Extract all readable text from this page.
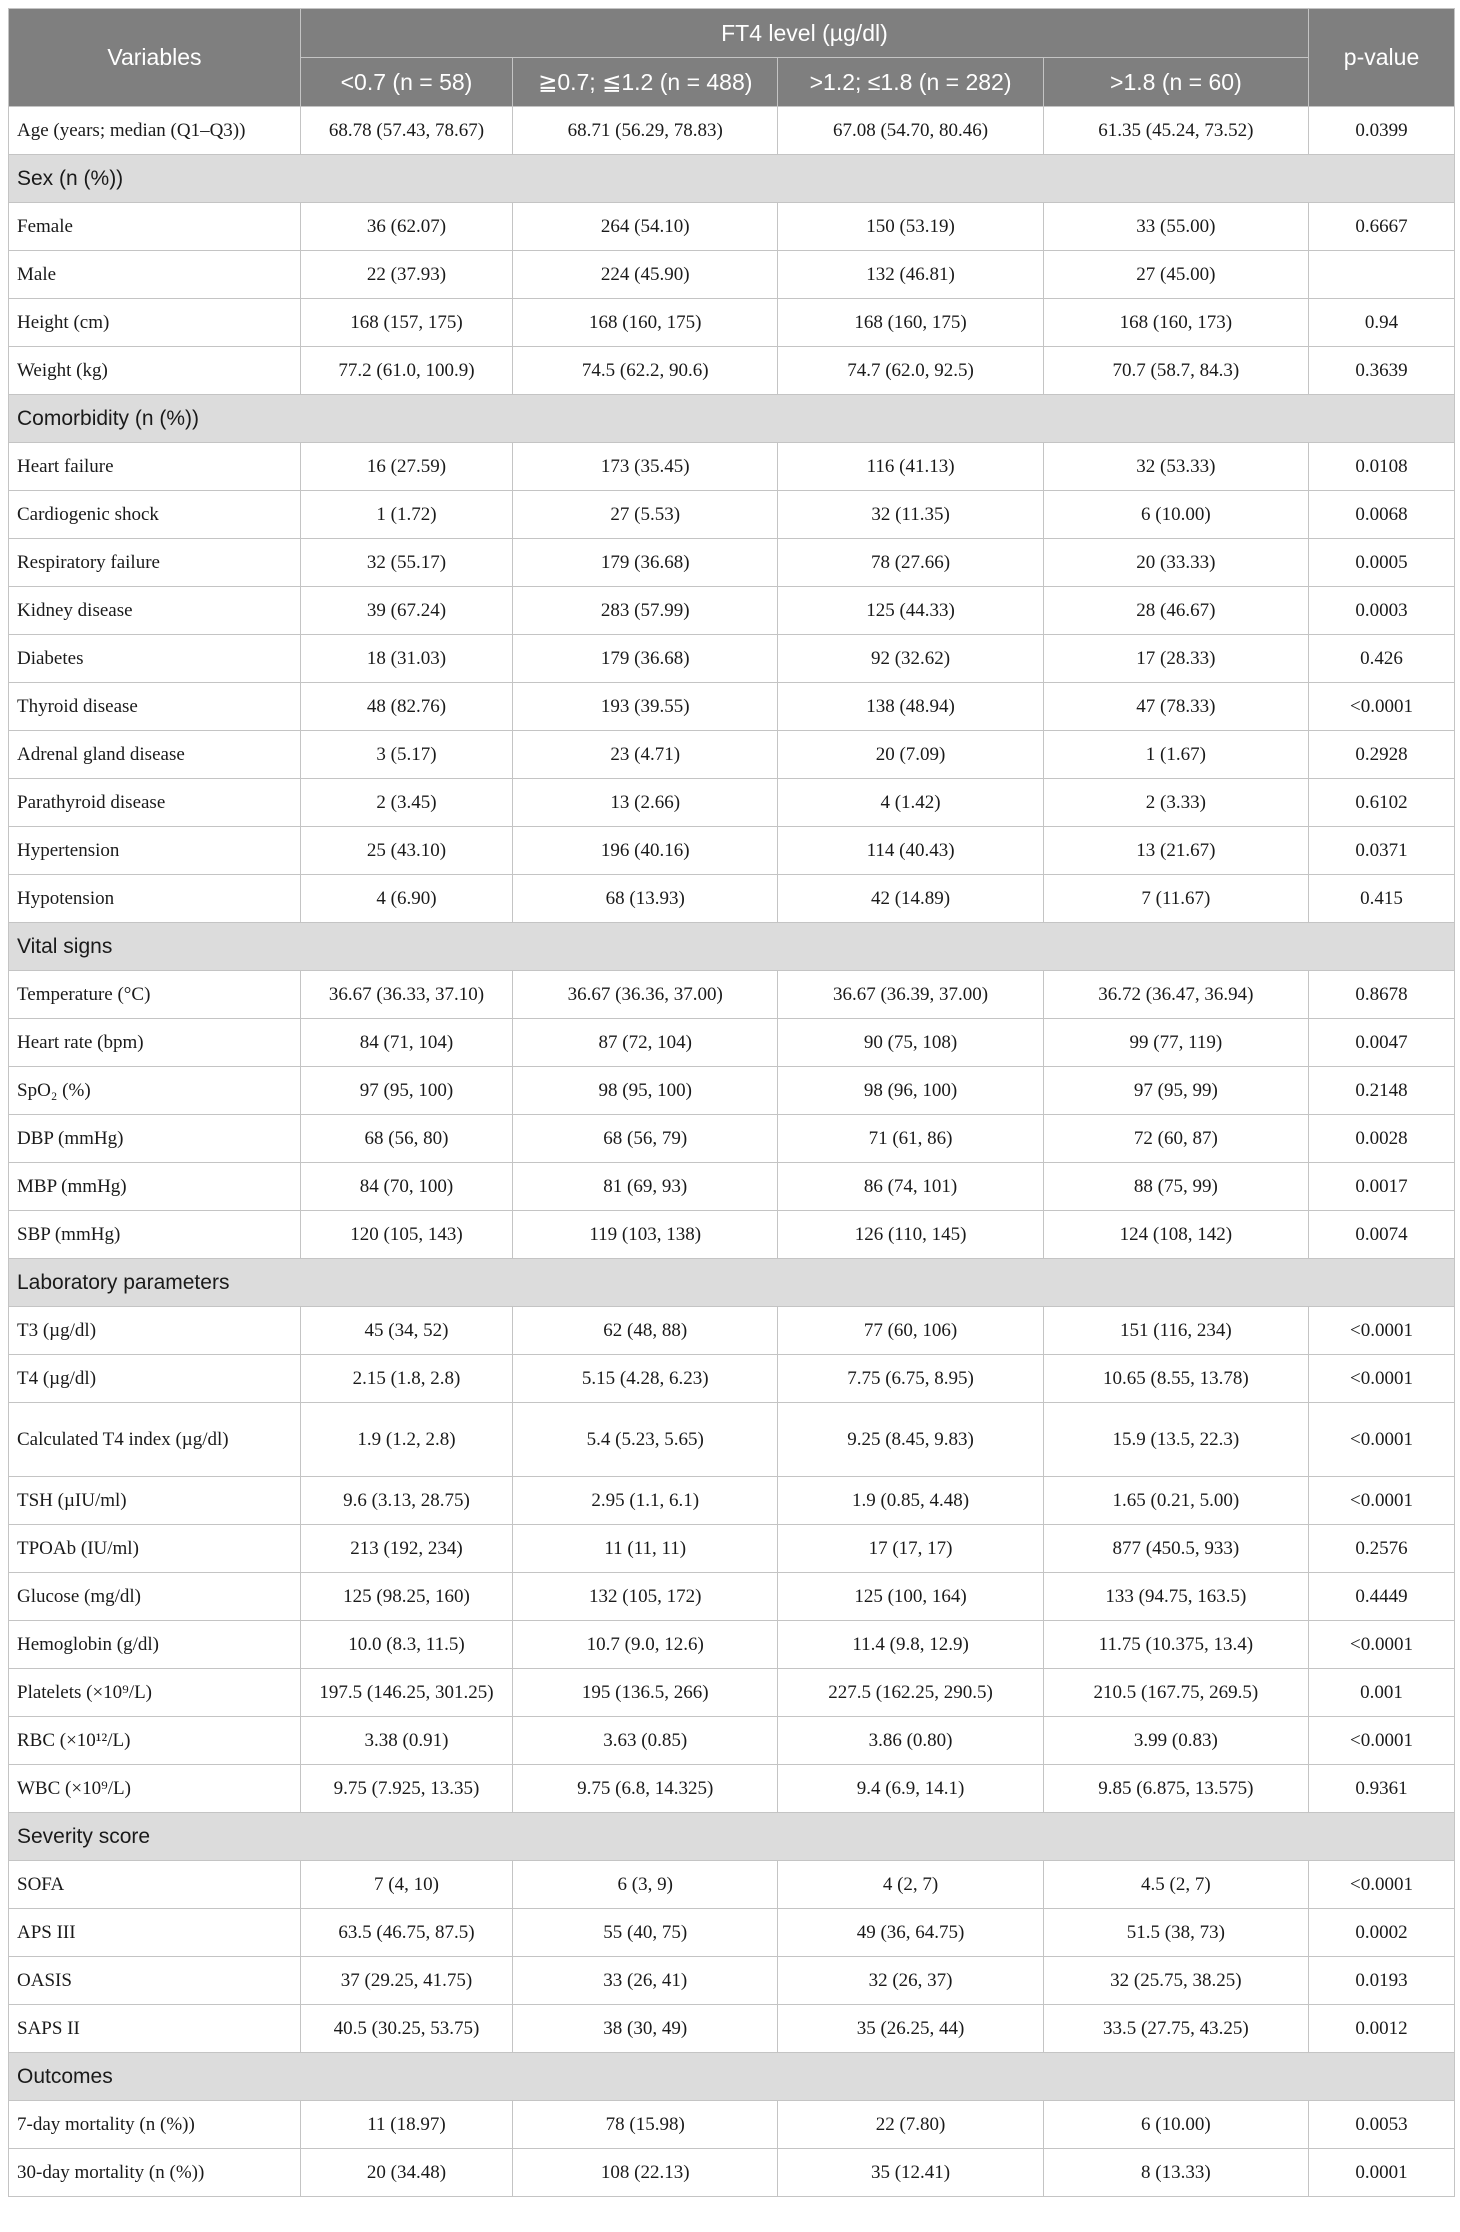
Variables	FT4 level (µg/dl)				p-value
	<0.7 (n = 58)	≧0.7; ≦1.2 (n = 488)	>1.2; ≤1.8 (n = 282)	>1.8 (n = 60)	
Age (years; median (Q1–Q3))	68.78 (57.43, 78.67)	68.71 (56.29, 78.83)	67.08 (54.70, 80.46)	61.35 (45.24, 73.52)	0.0399
Sex (n (%))					
Female	36 (62.07)	264 (54.10)	150 (53.19)	33 (55.00)	0.6667
Male	22 (37.93)	224 (45.90)	132 (46.81)	27 (45.00)	
Height (cm)	168 (157, 175)	168 (160, 175)	168 (160, 175)	168 (160, 173)	0.94
Weight (kg)	77.2 (61.0, 100.9)	74.5 (62.2, 90.6)	74.7 (62.0, 92.5)	70.7 (58.7, 84.3)	0.3639
Comorbidity (n (%))					
Heart failure	16 (27.59)	173 (35.45)	116 (41.13)	32 (53.33)	0.0108
Cardiogenic shock	1 (1.72)	27 (5.53)	32 (11.35)	6 (10.00)	0.0068
Respiratory failure	32 (55.17)	179 (36.68)	78 (27.66)	20 (33.33)	0.0005
Kidney disease	39 (67.24)	283 (57.99)	125 (44.33)	28 (46.67)	0.0003
Diabetes	18 (31.03)	179 (36.68)	92 (32.62)	17 (28.33)	0.426
Thyroid disease	48 (82.76)	193 (39.55)	138 (48.94)	47 (78.33)	<0.0001
Adrenal gland disease	3 (5.17)	23 (4.71)	20 (7.09)	1 (1.67)	0.2928
Parathyroid disease	2 (3.45)	13 (2.66)	4 (1.42)	2 (3.33)	0.6102
Hypertension	25 (43.10)	196 (40.16)	114 (40.43)	13 (21.67)	0.0371
Hypotension	4 (6.90)	68 (13.93)	42 (14.89)	7 (11.67)	0.415
Vital signs					
Temperature (°C)	36.67 (36.33, 37.10)	36.67 (36.36, 37.00)	36.67 (36.39, 37.00)	36.72 (36.47, 36.94)	0.8678
Heart rate (bpm)	84 (71, 104)	87 (72, 104)	90 (75, 108)	99 (77, 119)	0.0047
SpO₂ (%)	97 (95, 100)	98 (95, 100)	98 (96, 100)	97 (95, 99)	0.2148
DBP (mmHg)	68 (56, 80)	68 (56, 79)	71 (61, 86)	72 (60, 87)	0.0028
MBP (mmHg)	84 (70, 100)	81 (69, 93)	86 (74, 101)	88 (75, 99)	0.0017
SBP (mmHg)	120 (105, 143)	119 (103, 138)	126 (110, 145)	124 (108, 142)	0.0074
Laboratory parameters					
T3 (µg/dl)	45 (34, 52)	62 (48, 88)	77 (60, 106)	151 (116, 234)	<0.0001
T4 (µg/dl)	2.15 (1.8, 2.8)	5.15 (4.28, 6.23)	7.75 (6.75, 8.95)	10.65 (8.55, 13.78)	<0.0001
Calculated T4 index (µg/dl)	1.9 (1.2, 2.8)	5.4 (5.23, 5.65)	9.25 (8.45, 9.83)	15.9 (13.5, 22.3)	<0.0001
TSH (µIU/ml)	9.6 (3.13, 28.75)	2.95 (1.1, 6.1)	1.9 (0.85, 4.48)	1.65 (0.21, 5.00)	<0.0001
TPOAb (IU/ml)	213 (192, 234)	11 (11, 11)	17 (17, 17)	877 (450.5, 933)	0.2576
Glucose (mg/dl)	125 (98.25, 160)	132 (105, 172)	125 (100, 164)	133 (94.75, 163.5)	0.4449
Hemoglobin (g/dl)	10.0 (8.3, 11.5)	10.7 (9.0, 12.6)	11.4 (9.8, 12.9)	11.75 (10.375, 13.4)	<0.0001
Platelets (×10⁹/L)	197.5 (146.25, 301.25)	195 (136.5, 266)	227.5 (162.25, 290.5)	210.5 (167.75, 269.5)	0.001
RBC (×10¹²/L)	3.38 (0.91)	3.63 (0.85)	3.86 (0.80)	3.99 (0.83)	<0.0001
WBC (×10⁹/L)	9.75 (7.925, 13.35)	9.75 (6.8, 14.325)	9.4 (6.9, 14.1)	9.85 (6.875, 13.575)	0.9361
Severity score					
SOFA	7 (4, 10)	6 (3, 9)	4 (2, 7)	4.5 (2, 7)	<0.0001
APS III	63.5 (46.75, 87.5)	55 (40, 75)	49 (36, 64.75)	51.5 (38, 73)	0.0002
OASIS	37 (29.25, 41.75)	33 (26, 41)	32 (26, 37)	32 (25.75, 38.25)	0.0193
SAPS II	40.5 (30.25, 53.75)	38 (30, 49)	35 (26.25, 44)	33.5 (27.75, 43.25)	0.0012
Outcomes					
7-day mortality (n (%))	11 (18.97)	78 (15.98)	22 (7.80)	6 (10.00)	0.0053
30-day mortality (n (%))	20 (34.48)	108 (22.13)	35 (12.41)	8 (13.33)	0.0001
